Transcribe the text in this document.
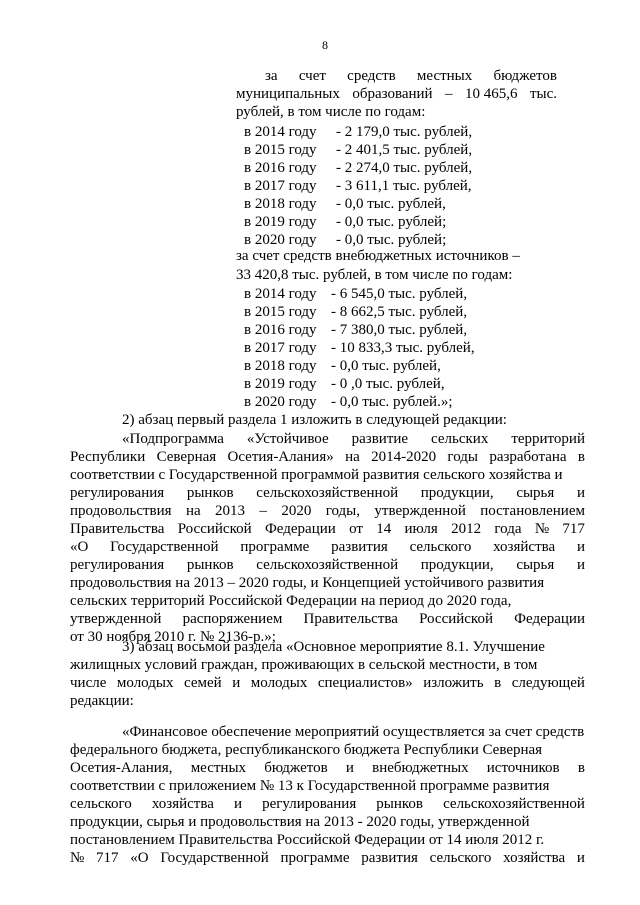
8
за счет средств местных бюджетов
муниципальных образований – 10 465,6 тыс.
рублей, в том числе по годам:
в 2014 году - 2 179,0 тыс. рублей,
в 2015 году - 2 401,5 тыс. рублей,
в 2016 году - 2 274,0 тыс. рублей,
в 2017 году - 3 611,1 тыс. рублей,
в 2018 году - 0,0 тыс. рублей,
в 2019 году - 0,0 тыс. рублей;
в 2020 году - 0,0 тыс. рублей;
за счет средств внебюджетных источников –
33 420,8 тыс. рублей, в том числе по годам:
в 2014 году - 6 545,0 тыс. рублей,
в 2015 году - 8 662,5 тыс. рублей,
в 2016 году - 7 380,0 тыс. рублей,
в 2017 году - 10 833,3 тыс. рублей,
в 2018 году - 0,0 тыс. рублей,
в 2019 году - 0 ,0 тыс. рублей,
в 2020 году - 0,0 тыс. рублей.»;
2) абзац первый раздела 1 изложить в следующей редакции:
«Подпрограмма «Устойчивое развитие сельских территорий
Республики Северная Осетия-Алания» на 2014-2020 годы разработана в
соответствии с Государственной программой развития сельского хозяйства и
регулирования рынков сельскохозяйственной продукции, сырья и
продовольствия на 2013 – 2020 годы, утвержденной постановлением
Правительства Российской Федерации от 14 июля 2012 года № 717
«О Государственной программе развития сельского хозяйства и
регулирования рынков сельскохозяйственной продукции, сырья и
продовольствия на 2013 – 2020 годы, и Концепцией устойчивого развития
сельских территорий Российской Федерации на период до 2020 года,
утвержденной распоряжением Правительства Российской Федерации
от 30 ноября 2010 г. № 2136-р.»;
3) абзац восьмой раздела «Основное мероприятие 8.1. Улучшение
жилищных условий граждан, проживающих в сельской местности, в том
числе молодых семей и молодых специалистов» изложить в следующей
редакции:
«Финансовое обеспечение мероприятий осуществляется за счет средств
федерального бюджета, республиканского бюджета Республики Северная
Осетия-Алания, местных бюджетов и внебюджетных источников в
соответствии с приложением № 13 к Государственной программе развития
сельского хозяйства и регулирования рынков сельскохозяйственной
продукции, сырья и продовольствия на 2013 - 2020 годы, утвержденной
постановлением Правительства Российской Федерации от 14 июля 2012 г.
№ 717 «О Государственной программе развития сельского хозяйства и
